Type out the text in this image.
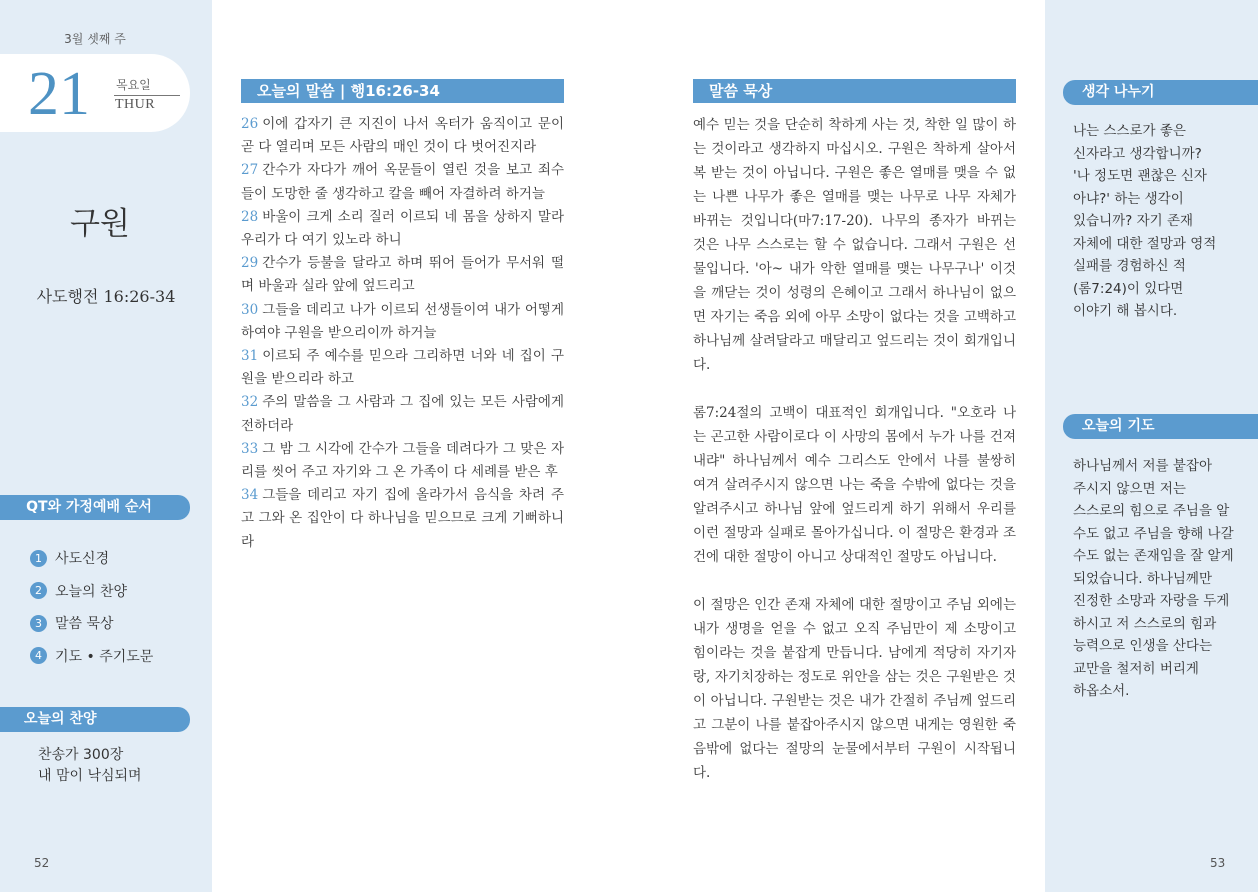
3월 셋째 주
21 목요일
THUR
구원
사도행전 16:26-34
QT와 가정예배 순서
1 사도신경
2 오늘의 찬양
3 말씀 묵상
4 기도 • 주기도문
오늘의 찬양
찬송가 300장
내 맘이 낙심되며
52
오늘의 말씀 | 행16:26-34

26 이에 갑자기 큰 지진이 나서 옥터가 움직이고 문이 곧 다 열리며 모든 사람의 매인 것이 다 벗어진지라

27 간수가 자다가 깨어 옥문들이 열린 것을 보고 죄수들이 도망한 줄 생각하고 칼을 빼어 자결하려 하거늘

28 바울이 크게 소리 질러 이르되 네 몸을 상하지 말라 우리가 다 여기 있노라 하니

29 간수가 등불을 달라고 하며 뛰어 들어가 무서워 떨며 바울과 실라 앞에 엎드리고

30 그들을 데리고 나가 이르되 선생들이여 내가 어떻게 하여야 구원을 받으리이까 하거늘

31 이르되 주 예수를 믿으라 그리하면 너와 네 집이 구원을 받으리라 하고

32 주의 말씀을 그 사람과 그 집에 있는 모든 사람에게 전하더라

33 그 밤 그 시각에 간수가 그들을 데려다가 그 맞은 자리를 씻어 주고 자기와 그 온 가족이 다 세례를 받은 후

34 그들을 데리고 자기 집에 올라가서 음식을 차려 주고 그와 온 집안이 다 하나님을 믿으므로 크게 기뻐하니라

말씀 묵상

예수 믿는 것을 단순히 착하게 사는 것, 착한 일 많이 하는 것이라고 생각하지 마십시오. 구원은 착하게 살아서 복 받는 것이 아닙니다. 구원은 좋은 열매를 맺을 수 없는 나쁜 나무가 좋은 열매를 맺는 나무로 나무 자체가 바뀌는 것입니다(마7:17-20). 나무의 종자가 바뀌는 것은 나무 스스로는 할 수 없습니다. 그래서 구원은 선물입니다. '아~ 내가 악한 열매를 맺는 나무구나' 이것을 깨닫는 것이 성령의 은혜이고 그래서 하나님이 없으면 자기는 죽음 외에 아무 소망이 없다는 것을 고백하고 하나님께 살려달라고 매달리고 엎드리는 것이 회개입니다.

롬7:24절의 고백이 대표적인 회개입니다. "오호라 나는 곤고한 사람이로다 이 사망의 몸에서 누가 나를 건져내랴" 하나님께서 예수 그리스도 안에서 나를 불쌍히 여겨 살려주시지 않으면 나는 죽을 수밖에 없다는 것을 알려주시고 하나님 앞에 엎드리게 하기 위해서 우리를 이런 절망과 실패로 몰아가십니다. 이 절망은 환경과 조건에 대한 절망이 아니고 상대적인 절망도 아닙니다.

이 절망은 인간 존재 자체에 대한 절망이고 주님 외에는 내가 생명을 얻을 수 없고 오직 주님만이 제 소망이고 힘이라는 것을 붙잡게 만듭니다. 남에게 적당히 자기자랑, 자기치장하는 정도로 위안을 삼는 것은 구원받은 것이 아닙니다. 구원받는 것은 내가 간절히 주님께 엎드리고 그분이 나를 붙잡아주시지 않으면 내게는 영원한 죽음밖에 없다는 절망의 눈물에서부터 구원이 시작됩니다.

생각 나누기
나는 스스로가 좋은
신자라고 생각합니까?
'나 정도면 괜찮은 신자
아냐?' 하는 생각이
있습니까? 자기 존재
자체에 대한 절망과 영적
실패를 경험하신 적
(롬7:24)이 있다면
이야기 해 봅시다.
오늘의 기도
하나님께서 저를 붙잡아
주시지 않으면 저는
스스로의 힘으로 주님을 알
수도 없고 주님을 향해 나갈
수도 없는 존재임을 잘 알게
되었습니다. 하나님께만
진정한 소망과 자랑을 두게
하시고 저 스스로의 힘과
능력으로 인생을 산다는
교만을 철저히 버리게
하옵소서.
53
